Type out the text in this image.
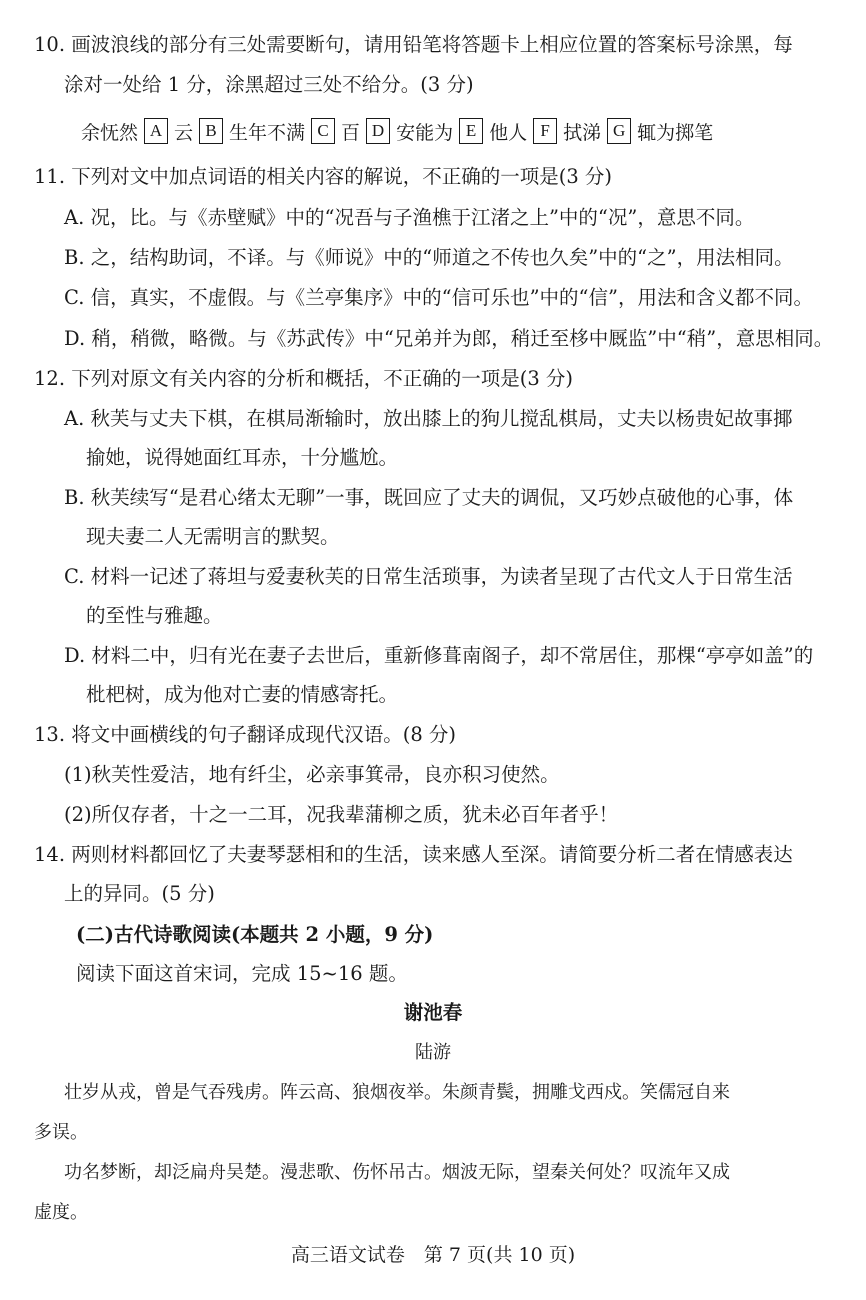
10. 画波浪线的部分有三处需要断句，请用铅笔将答题卡上相应位置的答案标号涂黑，每
涂对一处给 1 分，涂黑超过三处不给分。(3 分)
余怃然 A 云 B 生年不满 C 百 D 安能为 E 他人 F 拭涕 G 辄为掷笔
11. 下列对文中加点词语的相关内容的解说，不正确的一项是(3 分)
A. 况，比。与《赤壁赋》中的“况吾与子渔樵于江渚之上”中的“况”，意思不同。
B. 之，结构助词，不译。与《师说》中的“师道之不传也久矣”中的“之”，用法相同。
C. 信，真实，不虚假。与《兰亭集序》中的“信可乐也”中的“信”，用法和含义都不同。
D. 稍，稍微，略微。与《苏武传》中“兄弟并为郎，稍迁至栘中厩监”中“稍”，意思相同。
12. 下列对原文有关内容的分析和概括，不正确的一项是(3 分)
A. 秋芙与丈夫下棋，在棋局渐输时，放出膝上的狗儿搅乱棋局，丈夫以杨贵妃故事揶
揄她，说得她面红耳赤，十分尴尬。
B. 秋芙续写“是君心绪太无聊”一事，既回应了丈夫的调侃，又巧妙点破他的心事，体
现夫妻二人无需明言的默契。
C. 材料一记述了蒋坦与爱妻秋芙的日常生活琐事，为读者呈现了古代文人于日常生活
的至性与雅趣。
D. 材料二中，归有光在妻子去世后，重新修葺南阁子，却不常居住，那棵“亭亭如盖”的
枇杷树，成为他对亡妻的情感寄托。
13. 将文中画横线的句子翻译成现代汉语。(8 分)
(1)秋芙性爱洁，地有纤尘，必亲事箕帚，良亦积习使然。
(2)所仅存者，十之一二耳，况我辈蒲柳之质，犹未必百年者乎！
14. 两则材料都回忆了夫妻琴瑟相和的生活，读来感人至深。请简要分析二者在情感表达
上的异同。(5 分)
(二)古代诗歌阅读(本题共 2 小题，9 分)
阅读下面这首宋词，完成 15~16 题。
谢池春
陆游
壮岁从戎，曾是气吞残虏。阵云高、狼烟夜举。朱颜青鬓，拥雕戈西戍。笑儒冠自来
多误。
功名梦断，却泛扁舟吴楚。漫悲歌、伤怀吊古。烟波无际，望秦关何处？叹流年又成
虚度。
高三语文试卷　第 7 页(共 10 页)
